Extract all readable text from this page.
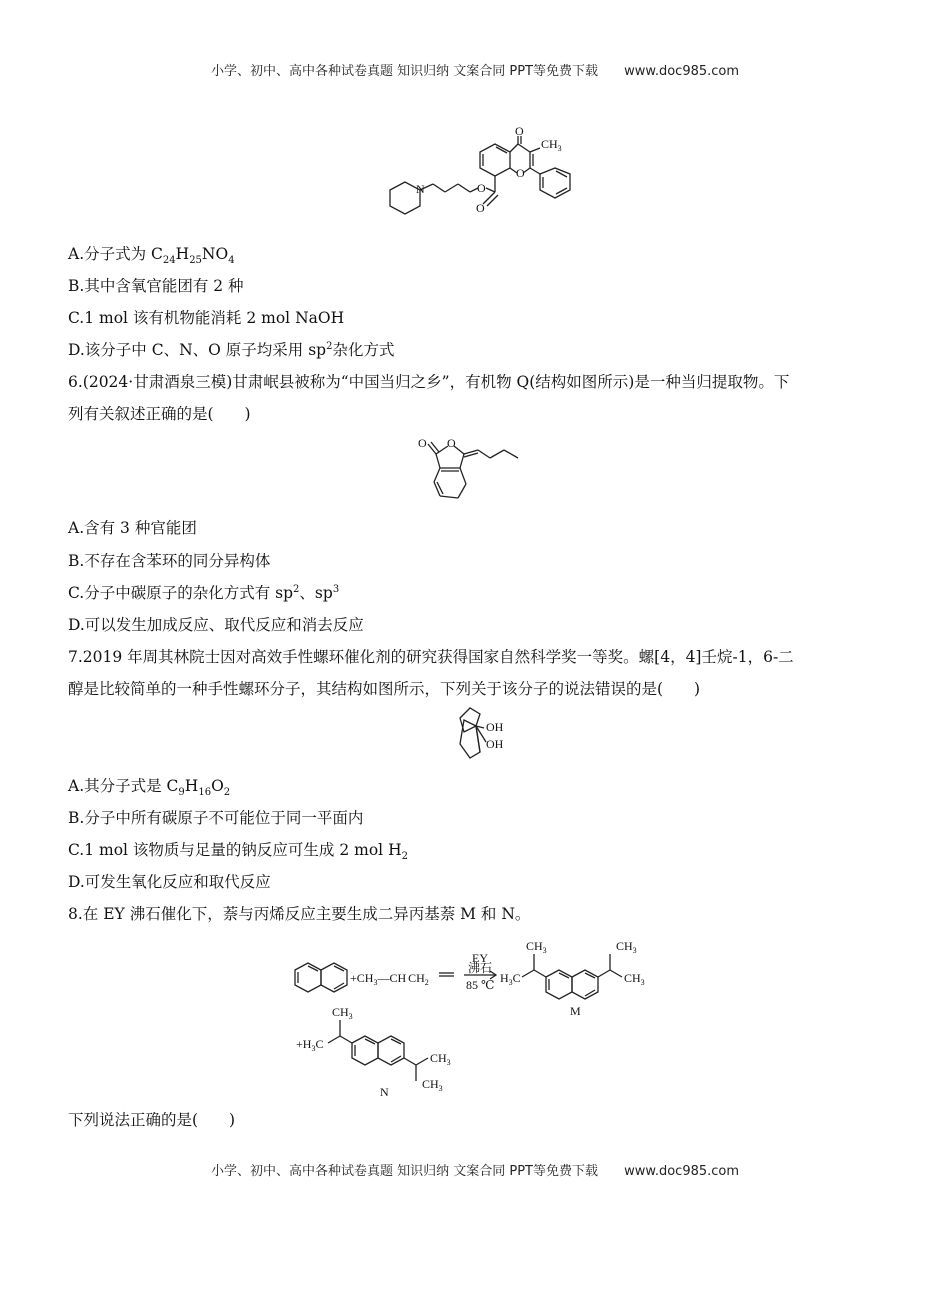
小学、初中、高中各种试卷真题 知识归纳 文案合同 PPT等免费下载 www.doc985.com
N	O
O
O
O
$CH_3$
A.分子式为 $C_{24}H_{25}NO_4$
B.其中含氧官能团有 2 种
C.1 mol 该有机物能消耗 2 mol NaOH
D.该分子中 C、N、O 原子均采用 $sp^2$杂化方式
6.(2024·甘肃酒泉三模)甘肃岷县被称为“中国当归之乡”，有机物 Q(结构如图所示)是一种当归提取物。下
列有关叙述正确的是(　　)
O O
A.含有 3 种官能团
B.不存在含苯环的同分异构体
C.分子中碳原子的杂化方式有 $sp^2$、$sp^3$
D.可以发生加成反应、取代反应和消去反应
7.2019 年周其林院士因对高效手性螺环催化剂的研究获得国家自然科学奖一等奖。螺[4，4]壬烷-1，6-二
醇是比较简单的一种手性螺环分子，其结构如图所示，下列关于该分子的说法错误的是(　　)
OH
OH
A.其分子式是 $C_9H_{16}O_2$
B.分子中所有碳原子不可能位于同一平面内
C.1 mol 该物质与足量的钠反应可生成 2 mol $H_2$
D.可发生氧化反应和取代反应
8.在 EY 沸石催化下，萘与丙烯反应主要生成二异丙基萘 M 和 N。
$+CH_3—CH$ $CH_2$
EY
沸石
85 ℃ $H_3C$
$CH_3$	$CH_3$
$CH_3$
M
$+H_3C$
$CH_3$
$CH_3$
$CH_3$
N
下列说法正确的是(　　)
小学、初中、高中各种试卷真题 知识归纳 文案合同 PPT等免费下载 www.doc985.com
